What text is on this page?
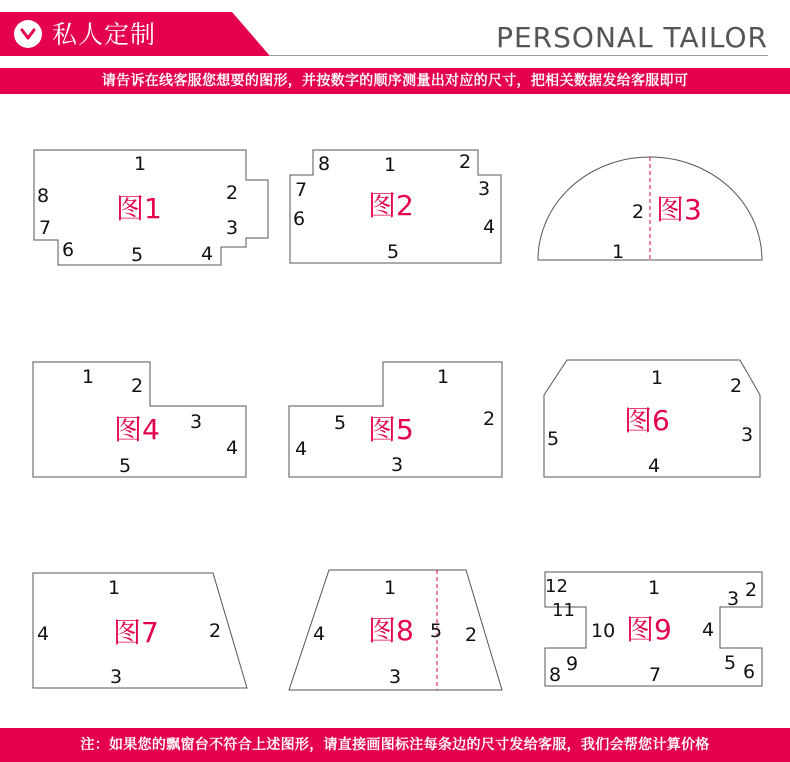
私人定制	PERSONAL TAILOR
请告诉在线客服您想要的图形，并按数字的顺序测量出对应的尺寸，把相关数据发给客服即可
1
2
3
4
5
6
7
8 图1
8	1	2
3
4
5
6
7 图2	2
1
图3
1 2
3
4
5
图4
1
2
3
4
5 图5
1	2
3
4
5
图6
1
2
3
4 图7
1
2
3
4	5
图8
12
11
1	3 2
4
10
5 6
7
8 9
图9
注：如果您的飘窗台不符合上述图形，请直接画图标注每条边的尺寸发给客服，我们会帮您计算价格
